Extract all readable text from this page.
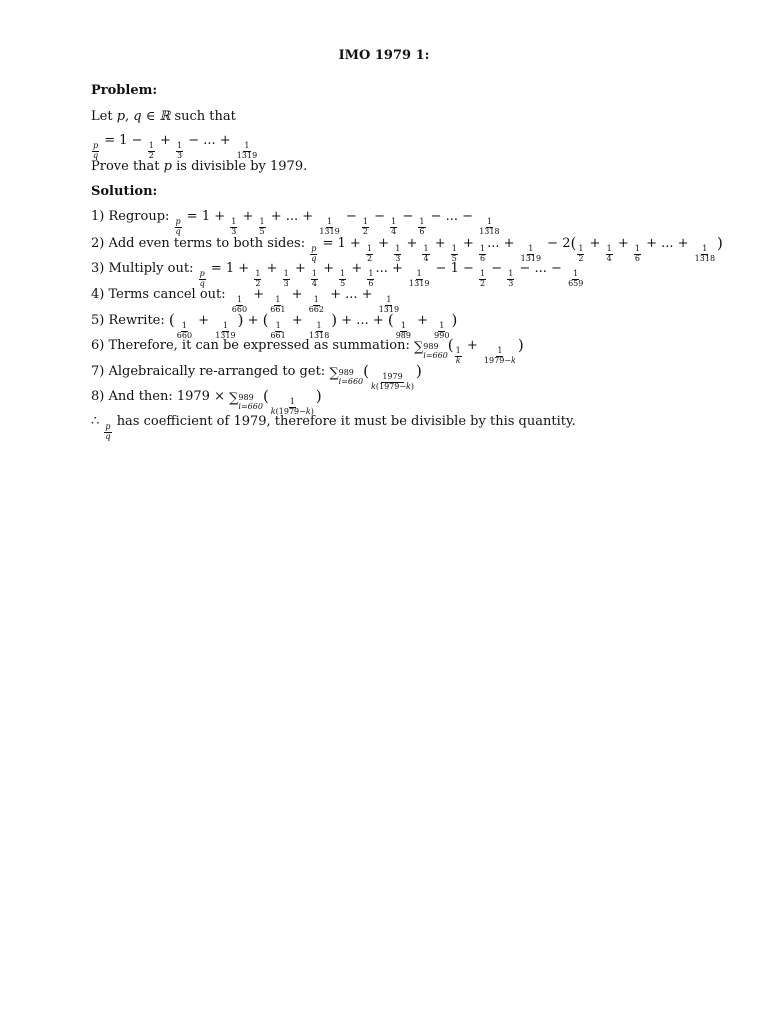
IMO 1979 1:
Problem:
Let p, q ∈ ℝ such that
$\frac{p}{q}$
= 1 −
$\frac{1}{2}$
+
$\frac{1}{3}$
− ... +
$\frac{1}{1319}$
Prove that p is divisible by 1979.
Solution:
1) Regroup:
$\frac{p}{q}$
= 1 +
$\frac{1}{3}$
+
$\frac{1}{5}$
+ ... +
$\frac{1}{1319}$
−
$\frac{1}{2}$
−
$\frac{1}{4}$
−
$\frac{1}{6}$
− ... −
$\frac{1}{1318}$
2) Add even terms to both sides:
$\frac{p}{q}$
= 1 +
$\frac{1}{2}$
+
$\frac{1}{3}$
+
$\frac{1}{4}$
+
$\frac{1}{5}$
+
$\frac{1}{6}$
... +
$\frac{1}{1319}$
− 2(
$\frac{1}{2}$
+
$\frac{1}{4}$
+
$\frac{1}{6}$
+ ... +
$\frac{1}{1318}$
)
3) Multiply out:
$\frac{p}{q}$
= 1 +
$\frac{1}{2}$
+
$\frac{1}{3}$
+
$\frac{1}{4}$
+
$\frac{1}{5}$
+
$\frac{1}{6}$
... +
$\frac{1}{1319}$
− 1 −
$\frac{1}{2}$
−
$\frac{1}{3}$
− ... −
$\frac{1}{659}$
4) Terms cancel out:
$\frac{1}{660}$
+
$\frac{1}{661}$
+
$\frac{1}{662}$
+ ... +
$\frac{1}{1319}$
5) Rewrite: (
$\frac{1}{660}$
+
$\frac{1}{1319}$
) + (
$\frac{1}{661}$
+
$\frac{1}{1318}$
) + ... + (
$\frac{1}{989}$
+
$\frac{1}{990}$
)
6) Therefore, it can be expressed as summation: ∑ 989
i=660
(
$\frac{1}{k}$
+
$\frac{1}{1979-k}$
)
7) Algebraically re-arranged to get: ∑ 989
i=660
(
$\frac{1979}{k(1979-k)}$
)
8) And then: 1979 × ∑ 989
i=660
(
$\frac{1}{k(1979-k)}$
)
∴
$\frac{p}{q}$
has coefficient of 1979, therefore it must be divisible by this quantity.
